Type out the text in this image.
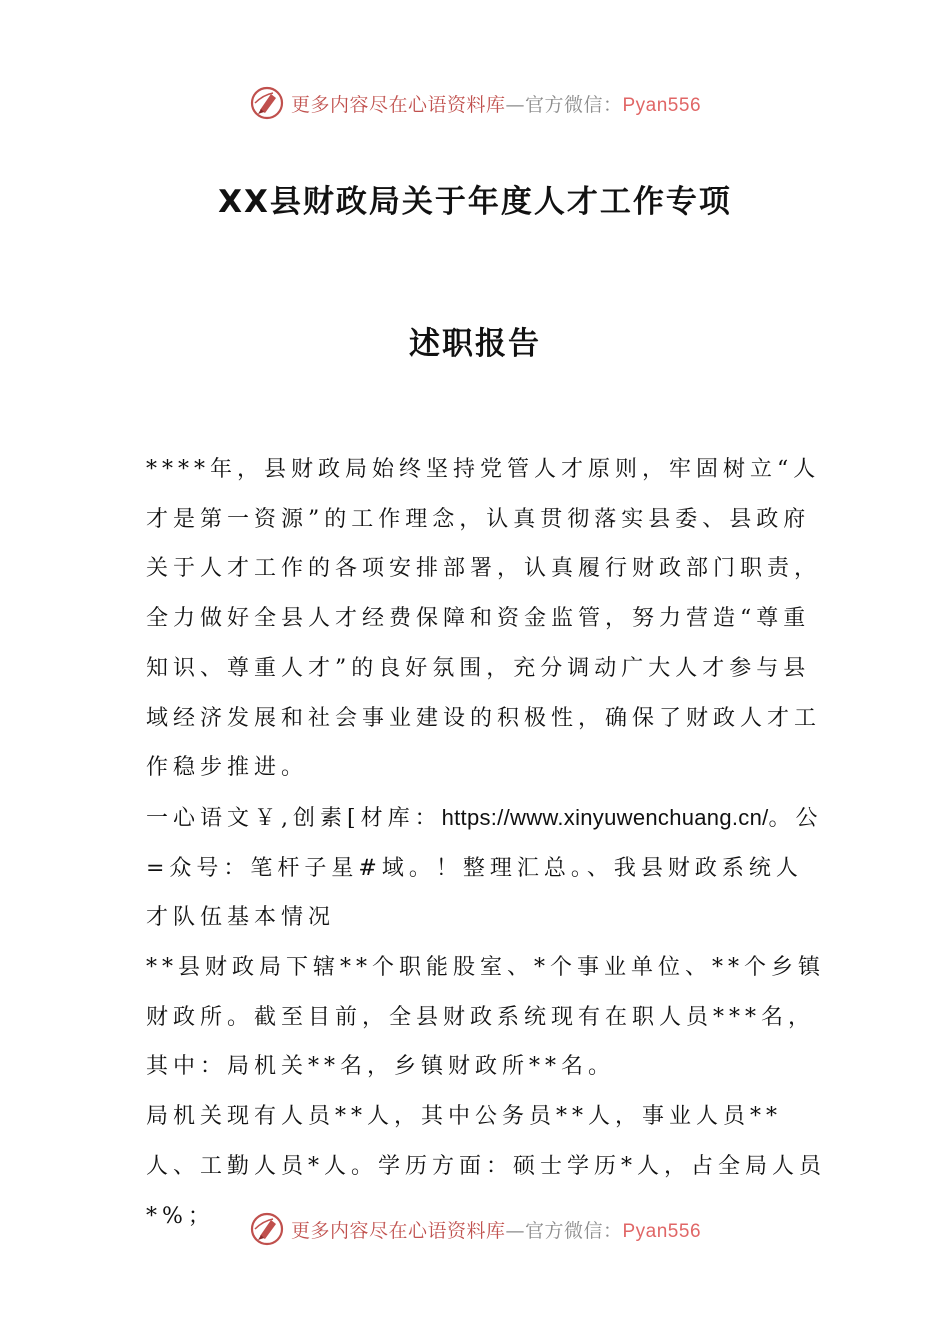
更多内容尽在心语资料库—官方微信：Pyan556
XX县财政局关于年度人才工作专项
述职报告

****年，县财政局始终坚持党管人才原则，牢固树立“人才是第一资源”的工作理念，认真贯彻落实县委、县政府关于人才工作的各项安排部署，认真履行财政部门职责，全力做好全县人才经费保障和资金监管，努力营造“尊重知识、尊重人才”的良好氛围，充分调动广大人才参与县域经济发展和社会事业建设的积极性，确保了财政人才工作稳步推进。

一心语文￥,创素[材库：https://www.xinyuwenchuang.cn/。公=众号：笔杆子星#域。！整理汇总。、我县财政系统人才队伍基本情况

**县财政局下辖**个职能股室、*个事业单位、**个乡镇财政所。截至目前，全县财政系统现有在职人员***名，其中：局机关**名，乡镇财政所**名。

局机关现有人员**人，其中公务员**人，事业人员**人、工勤人员*人。学历方面：硕士学历*人，占全局人员*%；

更多内容尽在心语资料库—官方微信：Pyan556
